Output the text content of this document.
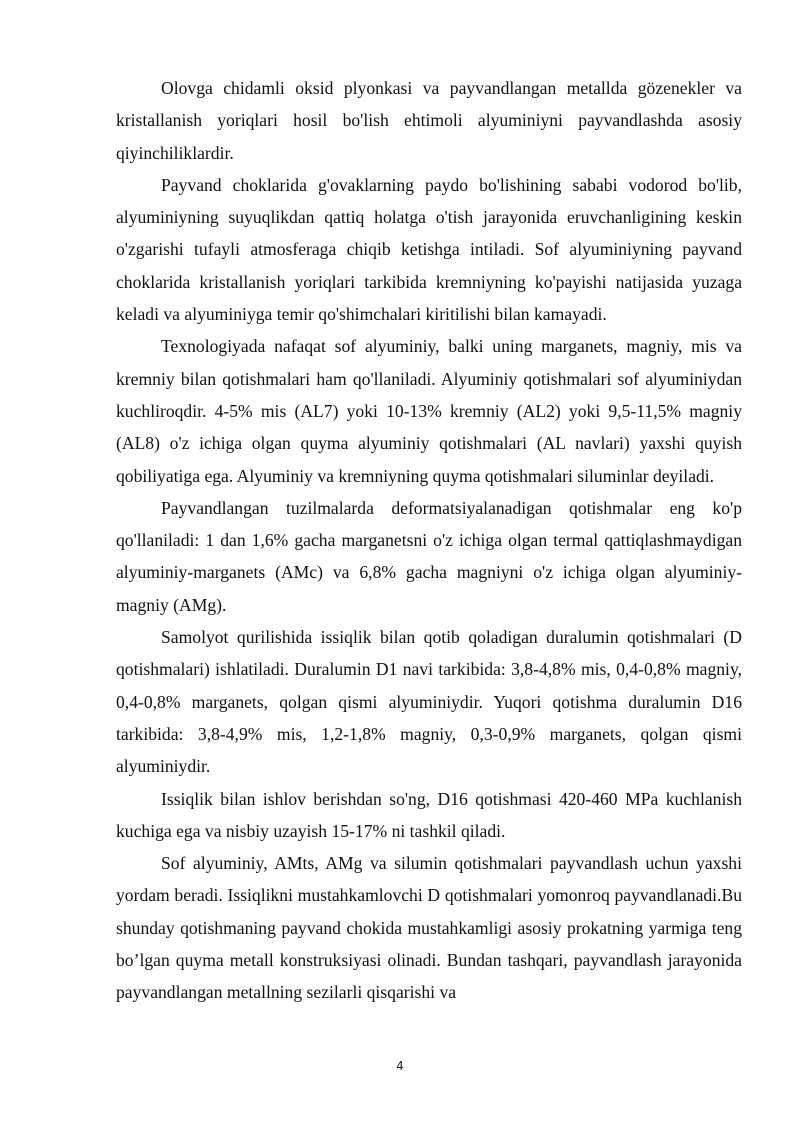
Olovga chidamli oksid plyonkasi va payvandlangan metallda gözenekler va kristallanish yoriqlari hosil bo'lish ehtimoli alyuminiyni payvandlashda asosiy qiyinchiliklardir.

Payvand choklarida g'ovaklarning paydo bo'lishining sababi vodorod bo'lib, alyuminiyning suyuqlikdan qattiq holatga o'tish jarayonida eruvchanligining keskin o'zgarishi tufayli atmosferaga chiqib ketishga intiladi. Sof alyuminiyning payvand choklarida kristallanish yoriqlari tarkibida kremniyning ko'payishi natijasida yuzaga keladi va alyuminiyga temir qo'shimchalari kiritilishi bilan kamayadi.

Texnologiyada nafaqat sof alyuminiy, balki uning marganets, magniy, mis va kremniy bilan qotishmalari ham qo'llaniladi. Alyuminiy qotishmalari sof alyuminiydan kuchliroqdir. 4-5% mis (AL7) yoki 10-13% kremniy (AL2) yoki 9,5-11,5% magniy (AL8) o'z ichiga olgan quyma alyuminiy qotishmalari (AL navlari) yaxshi quyish qobiliyatiga ega. Alyuminiy va kremniyning quyma qotishmalari siluminlar deyiladi.

Payvandlangan tuzilmalarda deformatsiyalanadigan qotishmalar eng ko'p qo'llaniladi: 1 dan 1,6% gacha marganetsni o'z ichiga olgan termal qattiqlashmaydigan alyuminiy-marganets (AMc) va 6,8% gacha magniyni o'z ichiga olgan alyuminiy-magniy (AMg).

Samolyot qurilishida issiqlik bilan qotib qoladigan duralumin qotishmalari (D qotishmalari) ishlatiladi. Duralumin D1 navi tarkibida: 3,8-4,8% mis, 0,4-0,8% magniy, 0,4-0,8% marganets, qolgan qismi alyuminiydir. Yuqori qotishma duralumin D16 tarkibida: 3,8-4,9% mis, 1,2-1,8% magniy, 0,3-0,9% marganets, qolgan qismi alyuminiydir.

Issiqlik bilan ishlov berishdan so'ng, D16 qotishmasi 420-460 MPa kuchlanish kuchiga ega va nisbiy uzayish 15-17% ni tashkil qiladi.

Sof alyuminiy, AMts, AMg va silumin qotishmalari payvandlash uchun yaxshi yordam beradi. Issiqlikni mustahkamlovchi D qotishmalari yomonroq payvandlanadi.Bu shunday qotishmaning payvand chokida mustahkamligi asosiy prokatning yarmiga teng bo’lgan quyma metall konstruksiyasi olinadi. Bundan tashqari, payvandlash jarayonida payvandlangan metallning sezilarli qisqarishi va

4
